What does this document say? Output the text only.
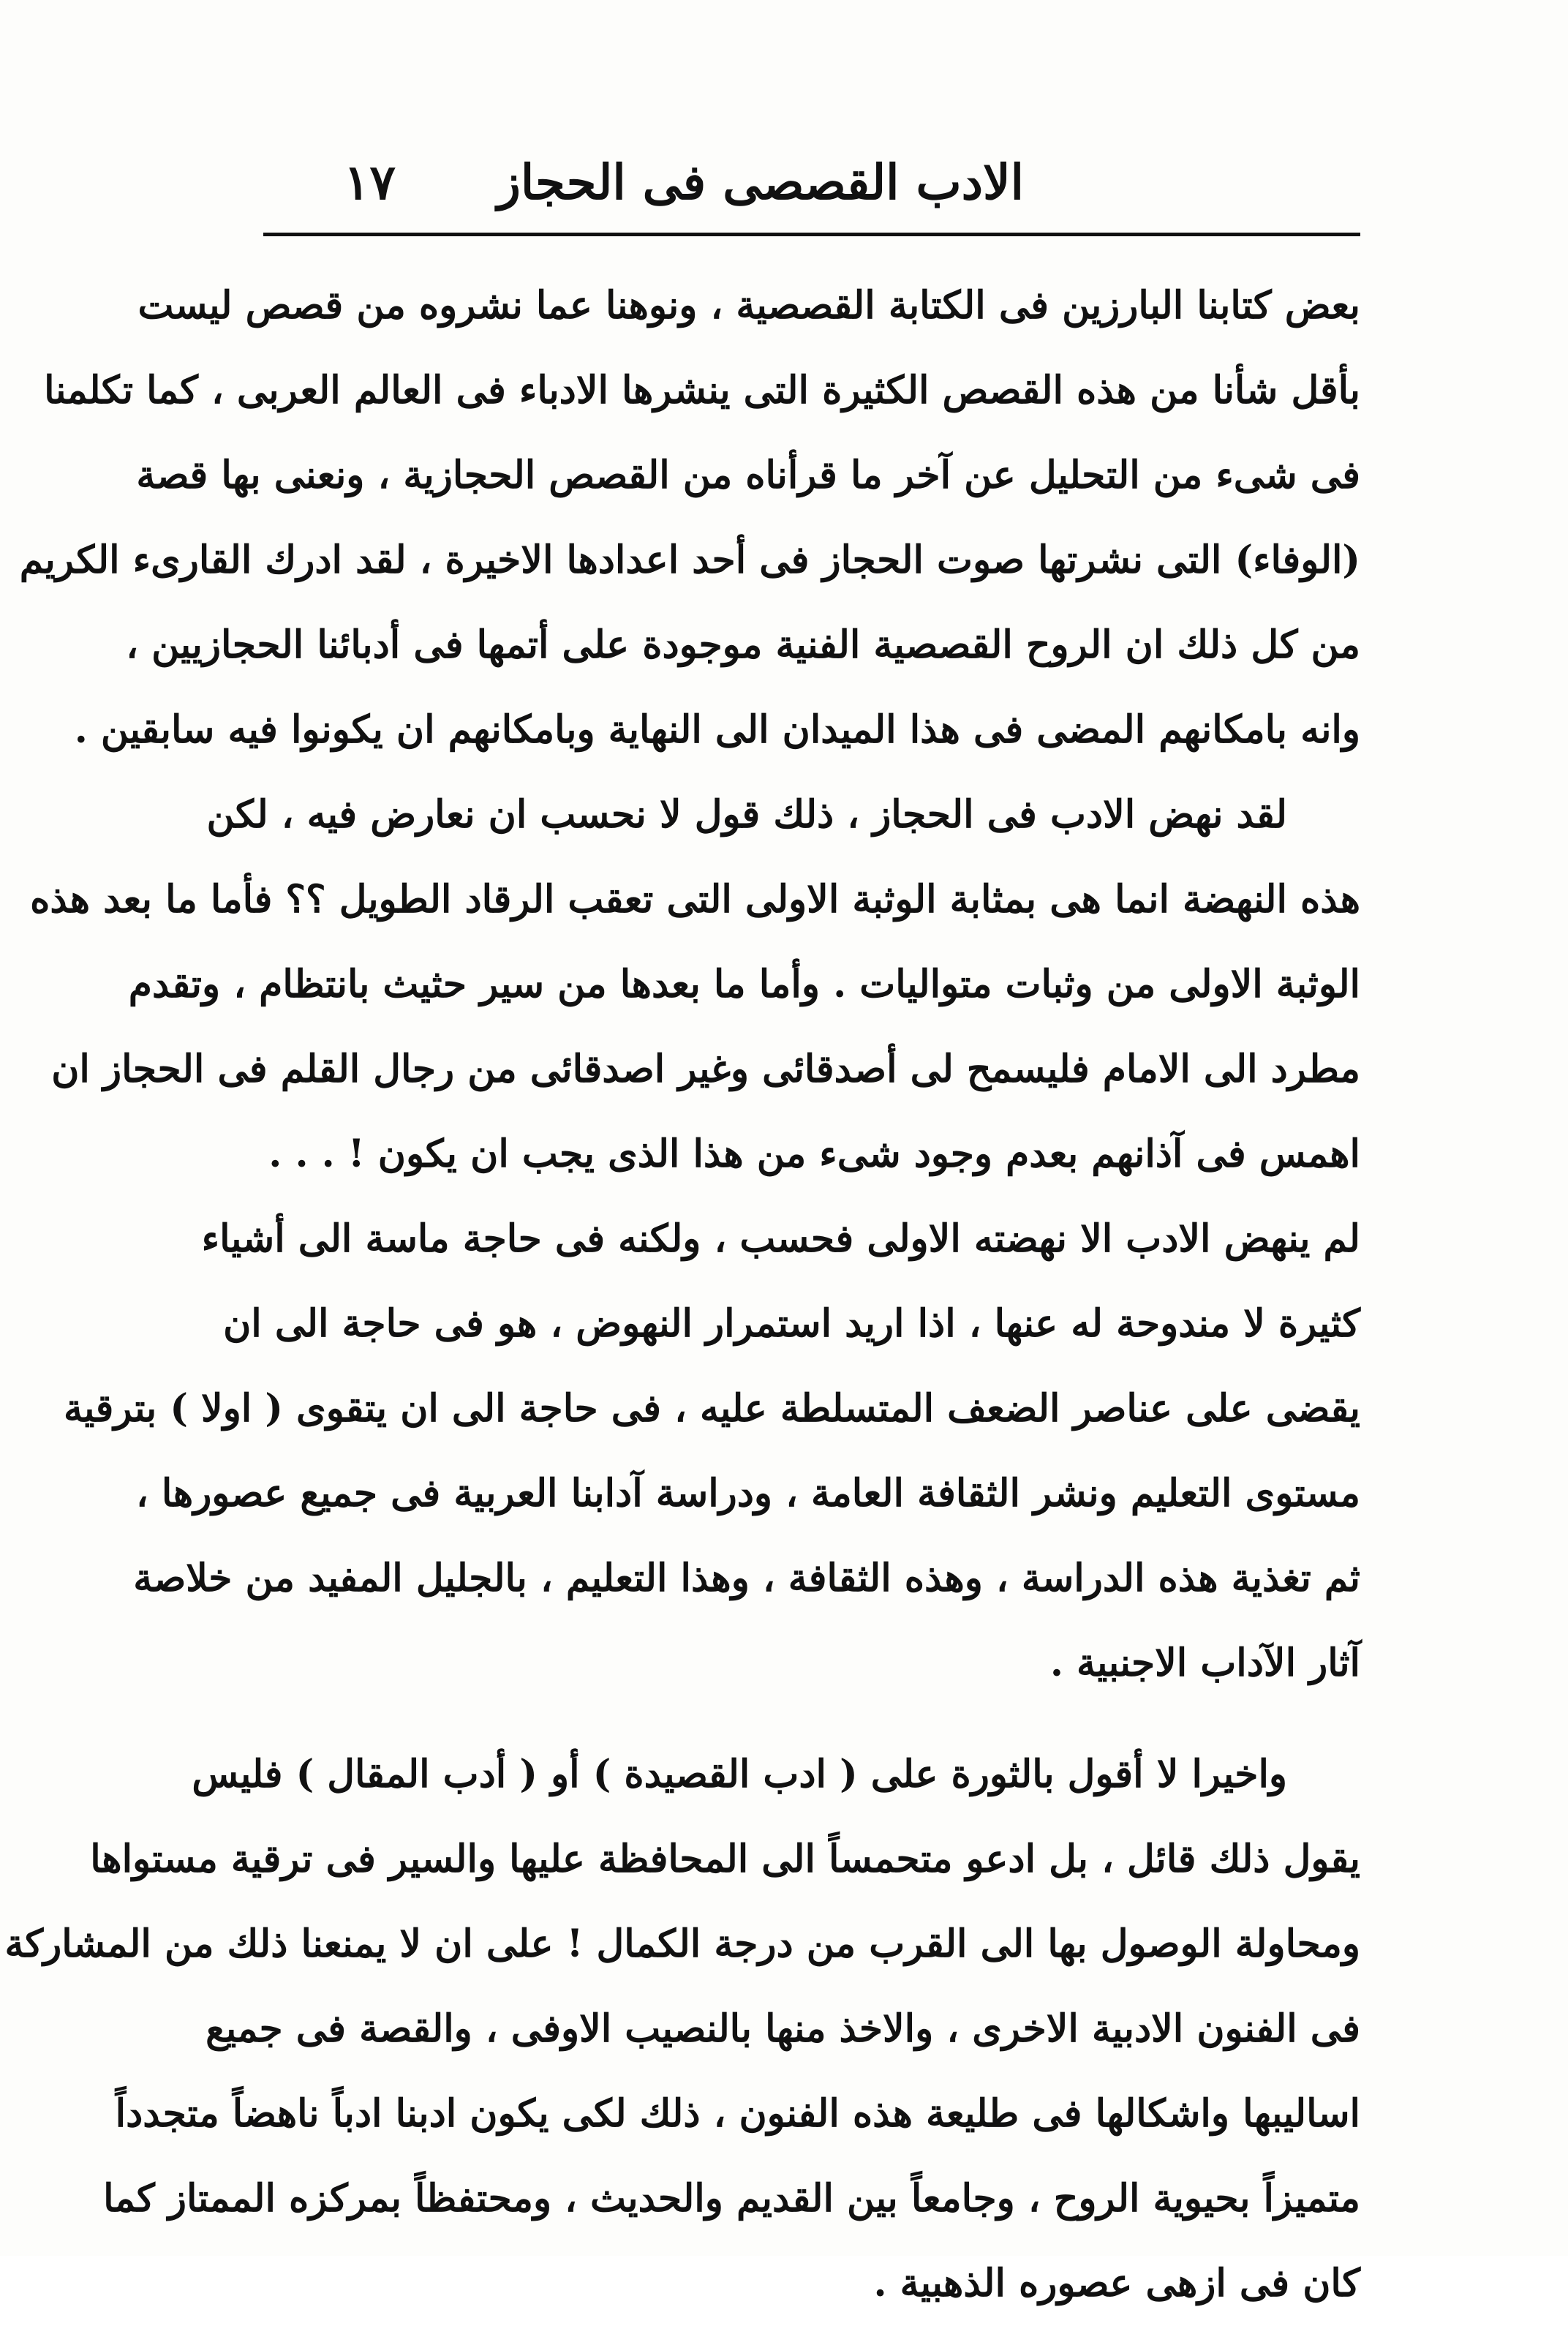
الادب القصصى فى الحجاز
١٧
بعض كتابنا البارزين فى الكتابة القصصية ، ونوهنا عما نشروه من قصص ليست
بأقل شأنا من هذه القصص الكثيرة التى ينشرها الادباء فى العالم العربى ، كما تكلمنا
فى شىء من التحليل عن آخر ما قرأناه من القصص الحجازية ، ونعنى بها قصة
(الوفاء) التى نشرتها صوت الحجاز فى أحد اعدادها الاخيرة ، لقد ادرك القارىء الكريم
من كل ذلك ان الروح القصصية الفنية موجودة على أتمها فى أدبائنا الحجازيين ،
وانه بامكانهم المضى فى هذا الميدان الى النهاية وبامكانهم ان يكونوا فيه سابقين .
لقد نهض الادب فى الحجاز ، ذلك قول لا نحسب ان نعارض فيه ، لكن
هذه النهضة انما هى بمثابة الوثبة الاولى التى تعقب الرقاد الطويل ؟؟ فأما ما بعد هذه
الوثبة الاولى من وثبات متواليات . وأما ما بعدها من سير حثيث بانتظام ، وتقدم
مطرد الى الامام فليسمح لى أصدقائى وغير اصدقائى من رجال القلم فى الحجاز ان
اهمس فى آذانهم بعدم وجود شىء من هذا الذى يجب ان يكون ! . . .
لم ينهض الادب الا نهضته الاولى فحسب ، ولكنه فى حاجة ماسة الى أشياء
كثيرة لا مندوحة له عنها ، اذا اريد استمرار النهوض ، هو فى حاجة الى ان
يقضى على عناصر الضعف المتسلطة عليه ، فى حاجة الى ان يتقوى ( اولا ) بترقية
مستوى التعليم ونشر الثقافة العامة ، ودراسة آدابنا العربية فى جميع عصورها ،
ثم تغذية هذه الدراسة ، وهذه الثقافة ، وهذا التعليم ، بالجليل المفيد من خلاصة
آثار الآداب الاجنبية .
واخيرا لا أقول بالثورة على ( ادب القصيدة ) أو ( أدب المقال ) فليس
يقول ذلك قائل ، بل ادعو متحمساً الى المحافظة عليها والسير فى ترقية مستواها
ومحاولة الوصول بها الى القرب من درجة الكمال ! على ان لا يمنعنا ذلك من المشاركة
فى الفنون الادبية الاخرى ، والاخذ منها بالنصيب الاوفى ، والقصة فى جميع
اساليبها واشكالها فى طليعة هذه الفنون ، ذلك لكى يكون ادبنا ادباً ناهضاً متجدداً
متميزاً بحيوية الروح ، وجامعاً بين القديم والحديث ، ومحتفظاً بمركزه الممتاز كما
كان فى ازهى عصوره الذهبية .
